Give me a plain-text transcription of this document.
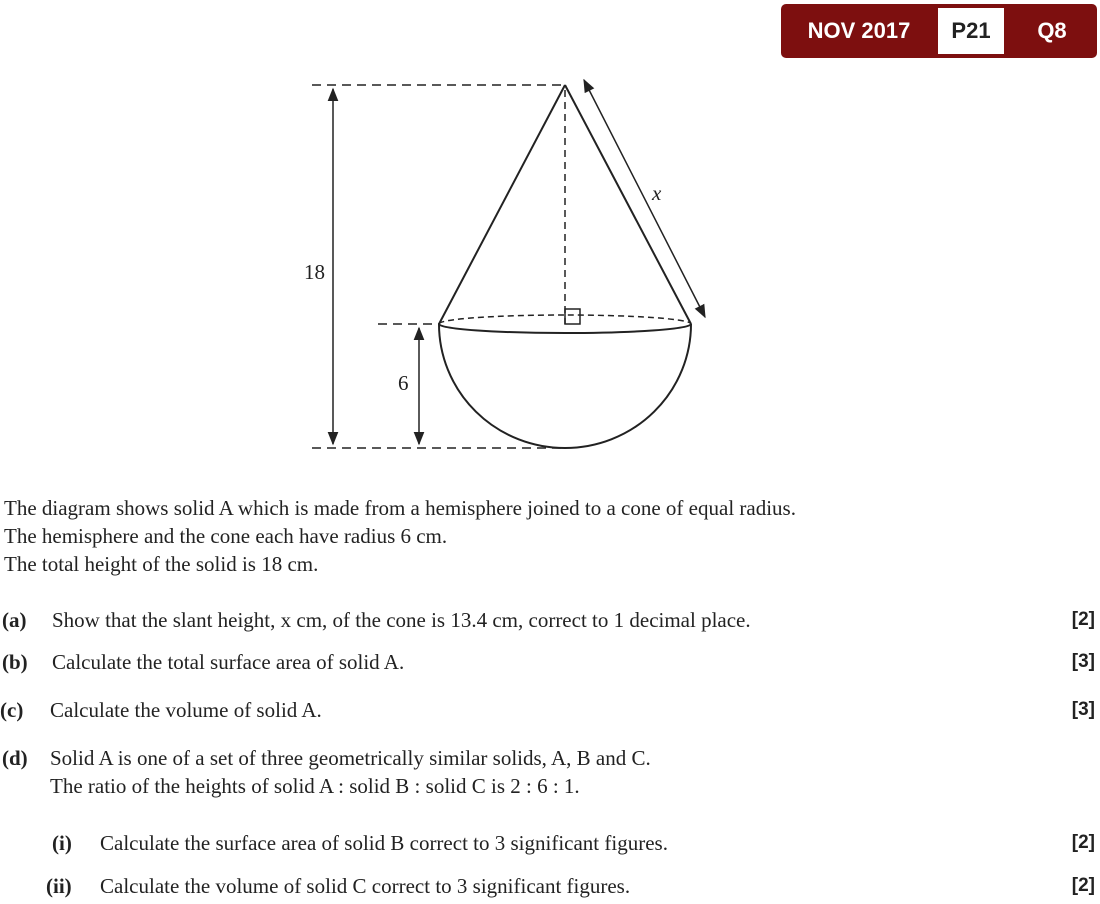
NOV 2017	P21	Q8
18
6
x
The diagram shows solid A which is made from a hemisphere joined to a cone of equal radius.
The hemisphere and the cone each have radius 6 cm.
The total height of the solid is 18 cm.
(a) Show that the slant height, x cm, of the cone is 13.4 cm, correct to 1 decimal place.	[2]
(b) Calculate the total surface area of solid A.	[3]
(c) Calculate the volume of solid A.	[3]
(d) Solid A is one of a set of three geometrically similar solids, A, B and C.
The ratio of the heights of solid A : solid B : solid C is 2 : 6 : 1.
(i) Calculate the surface area of solid B correct to 3 significant figures.	[2]
(ii) Calculate the volume of solid C correct to 3 significant figures.	[2]
